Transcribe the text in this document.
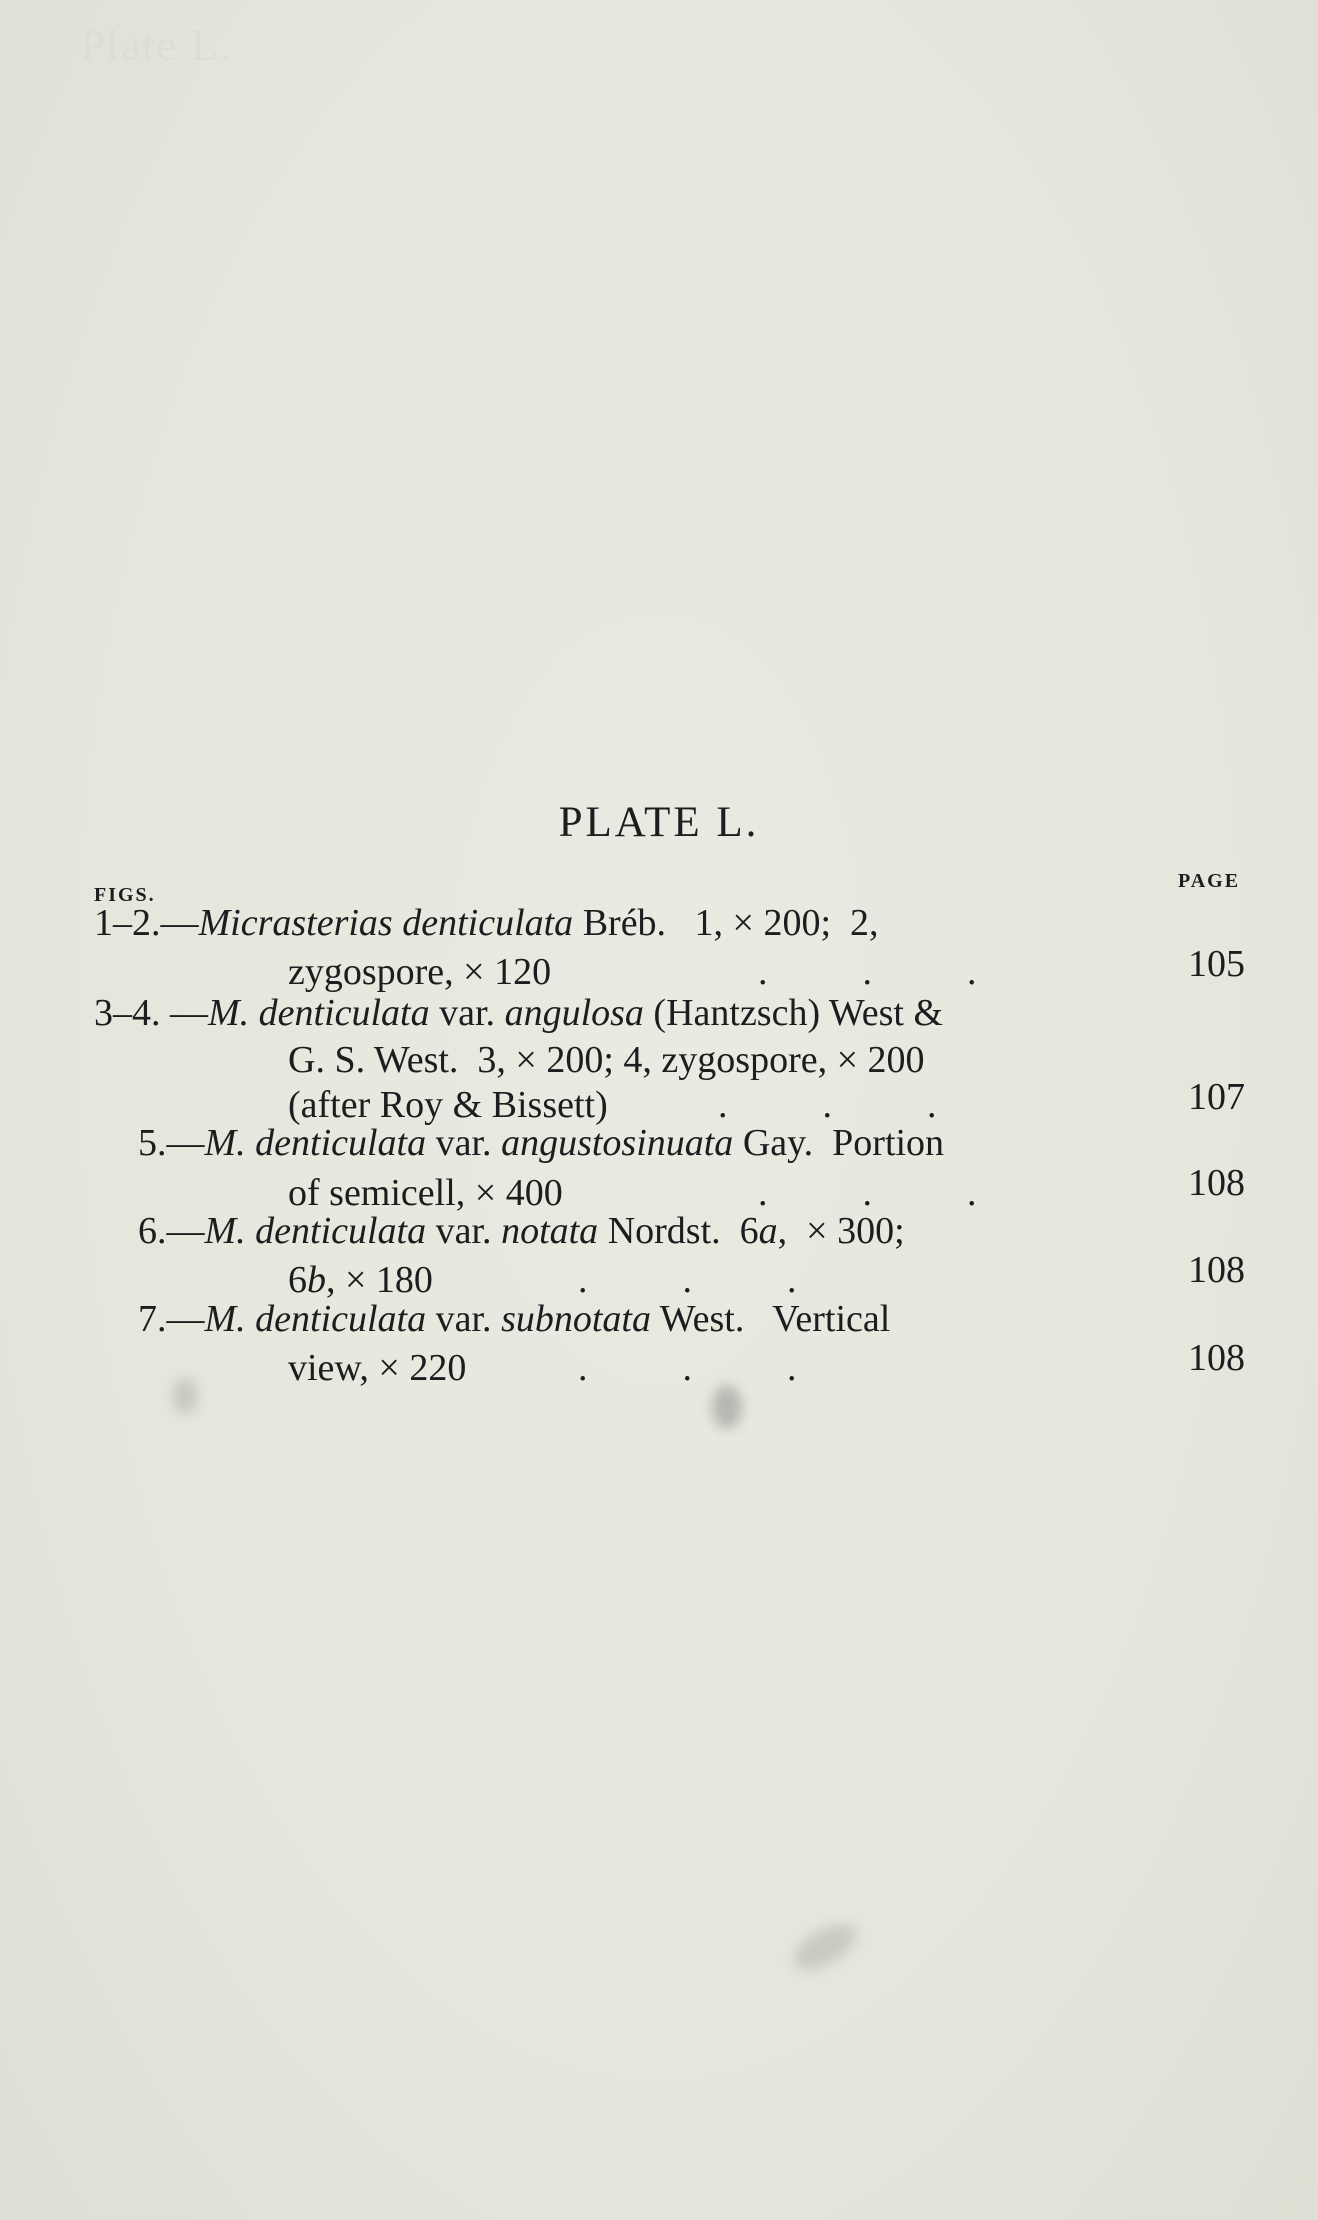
Plate L.
PLATE L.
FIGS.
PAGE
1–2.—Micrasterias denticulata Bréb.   1, × 200;  2,
zygospore, × 120	.          .          .	105
3–4. —M. denticulata var. angulosa (Hantzsch) West &
G. S. West.  3, × 200; 4, zygospore, × 200
(after Roy & Bissett)	.          .          .	107
5.—M. denticulata var. angustosinuata Gay.  Portion
of semicell, × 400	.          .          .	108
6.—M. denticulata var. notata Nordst.  6a,  × 300;
6b, × 180	.          .          .	108
7.—M. denticulata var. subnotata West.   Vertical
view, × 220	.          .          .	108
